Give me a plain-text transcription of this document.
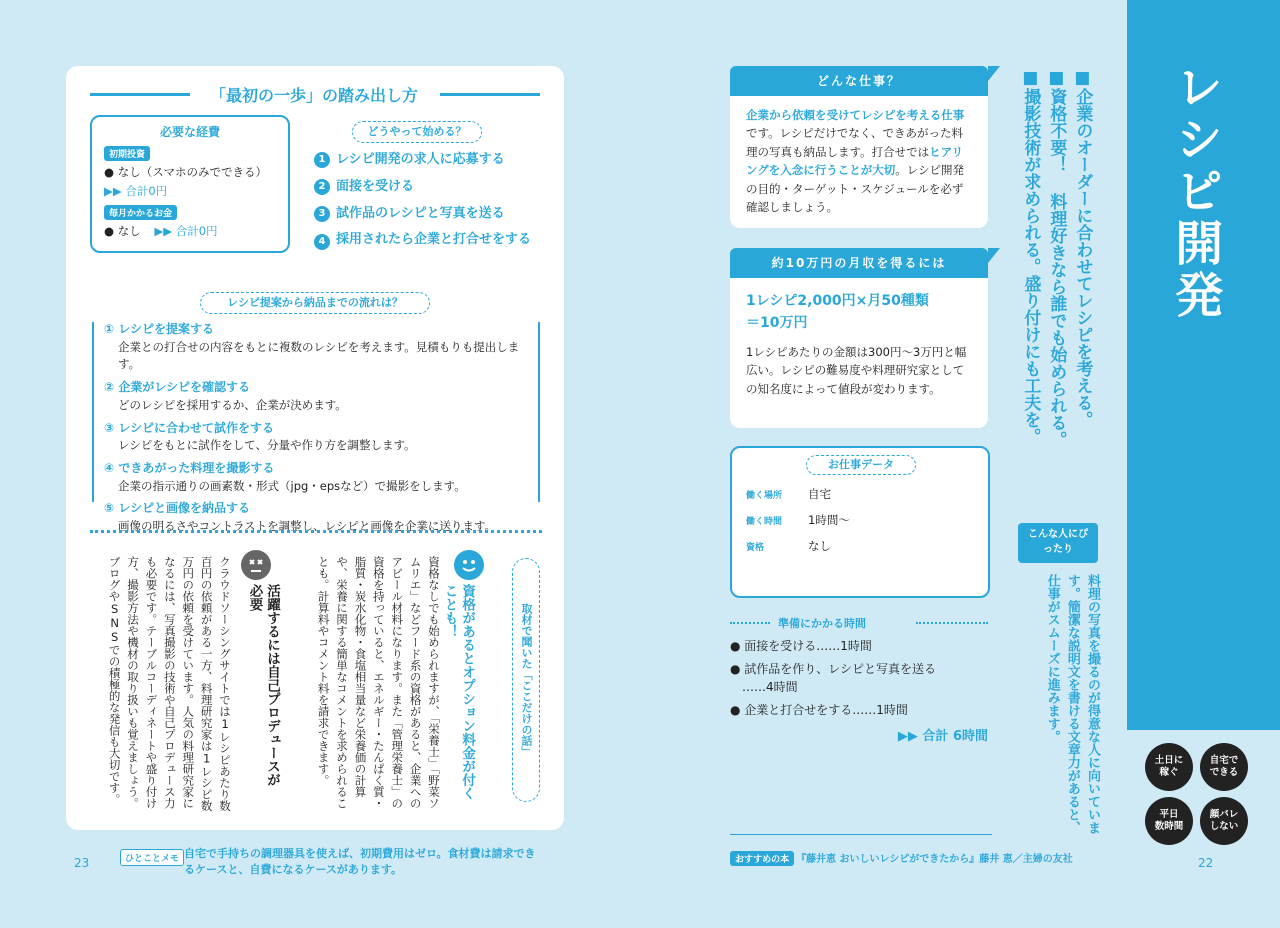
「最初の一歩」の踏み出し方
必要な経費
初期投資
● なし（スマホのみでできる）
▶▶ 合計0円
毎月かかるお金
● なし ▶▶ 合計0円
どうやって始める？
1 レシピ開発の求人に応募する
2 面接を受ける
3 試作品のレシピと写真を送る
4 採用されたら企業と打合せをする
レシピ提案から納品までの流れは？
① レシピを提案する
企業との打合せの内容をもとに複数のレシピを考えます。見積もりも提出します。
② 企業がレシピを確認する
どのレシピを採用するか、企業が決めます。
③ レシピに合わせて試作をする
レシピをもとに試作をして、分量や作り方を調整します。
④ できあがった料理を撮影する
企業の指示通りの画素数・形式（jpg・epsなど）で撮影をします。
⑤ レシピと画像を納品する
画像の明るさやコントラストを調整し、レシピと画像を企業に送ります。
取材で聞いた「ここだけの話」
資格があるとオプション料金が付くことも！
資格なしでも始められますが、「栄養士」「野菜ソムリエ」などフード系の資格があると、企業へのアピール材料になります。また「管理栄養士」の資格を持っていると、エネルギー・たんぱく質・脂質・炭水化物・食塩相当量など栄養価の計算や、栄養に関する簡単なコメントを求められることも。計算料やコメント料を請求できます。
活躍するには自己プロデュースが必要
クラウドソーシングサイトでは1レシピあたり数百円の依頼がある一方、料理研究家は1レシピ数万円の依頼を受けています。人気の料理研究家になるには、写真撮影の技術や自己プロデュース力も必要です。テーブルコーディネートや盛り付け方、撮影方法や機材の取り扱いも覚えましょう。ブログやSNSでの積極的な発信も大切です。
ひとことメモ 自宅で手持ちの調理器具を使えば、初期費用はゼロ。食材費は請求できるケースと、自費になるケースがあります。
23
どんな仕事？
企業から依頼を受けてレシピを考える仕事です。レシピだけでなく、できあがった料理の写真も納品します。打合せではヒアリングを入念に行うことが大切。レシピ開発の目的・ターゲット・スケジュールを必ず確認しましょう。
約10万円の月収を得るには
1レシピ2,000円×月50種類
＝10万円
1レシピあたりの金額は300円〜3万円と幅広い。レシピの難易度や料理研究家としての知名度によって値段が変わります。
お仕事データ
働く場所 自宅
働く時間 1時間〜
資格	なし
準備にかかる時間
● 面接を受ける……1時間
● 試作品を作り、レシピと写真を送る
　……4時間
● 企業と打合せをする……1時間
▶▶ 合計 6時間
おすすめの本 『藤井恵 おいしいレシピができたから』藤井 恵／主婦の友社
■撮影技術が求められる。盛り付けにも工夫を。 ■資格不要！ 料理好きなら誰でも始められる。 ■企業のオーダーに合わせてレシピを考える。
こんな人にぴったり
料理の写真を撮るのが得意な人に向いています。簡潔な説明文を書ける文章力があると、仕事がスムーズに進みます。
土日に
稼ぐ
自宅で
できる
平日
数時間
顔バレ
しない
レシピ開発
22
